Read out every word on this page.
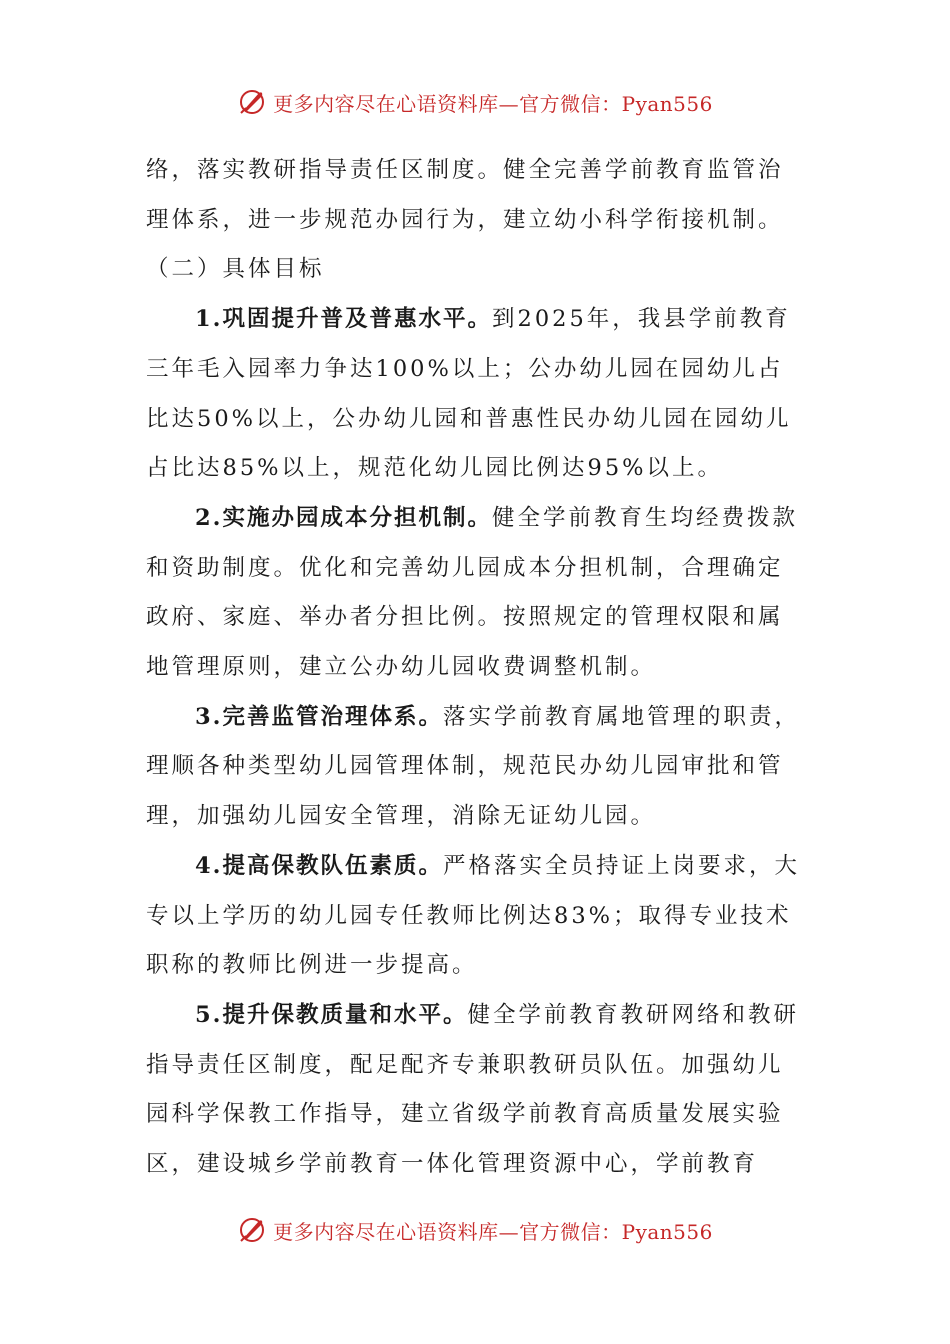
更多内容尽在心语资料库—官方微信：Pyan556

络，落实教研指导责任区制度。健全完善学前教育监管治理体系，进一步规范办园行为，建立幼小科学衔接机制。

（二）具体目标

1.巩固提升普及普惠水平。到2025年，我县学前教育三年毛入园率力争达100%以上；公办幼儿园在园幼儿占比达50%以上，公办幼儿园和普惠性民办幼儿园在园幼儿占比达85%以上，规范化幼儿园比例达95%以上。

2.实施办园成本分担机制。健全学前教育生均经费拨款和资助制度。优化和完善幼儿园成本分担机制，合理确定政府、家庭、举办者分担比例。按照规定的管理权限和属地管理原则，建立公办幼儿园收费调整机制。

3.完善监管治理体系。落实学前教育属地管理的职责，理顺各种类型幼儿园管理体制，规范民办幼儿园审批和管理，加强幼儿园安全管理，消除无证幼儿园。

4.提高保教队伍素质。严格落实全员持证上岗要求，大专以上学历的幼儿园专任教师比例达83%；取得专业技术职称的教师比例进一步提高。

5.提升保教质量和水平。健全学前教育教研网络和教研指导责任区制度，配足配齐专兼职教研员队伍。加强幼儿园科学保教工作指导，建立省级学前教育高质量发展实验区，建设城乡学前教育一体化管理资源中心，学前教育

更多内容尽在心语资料库—官方微信：Pyan556
